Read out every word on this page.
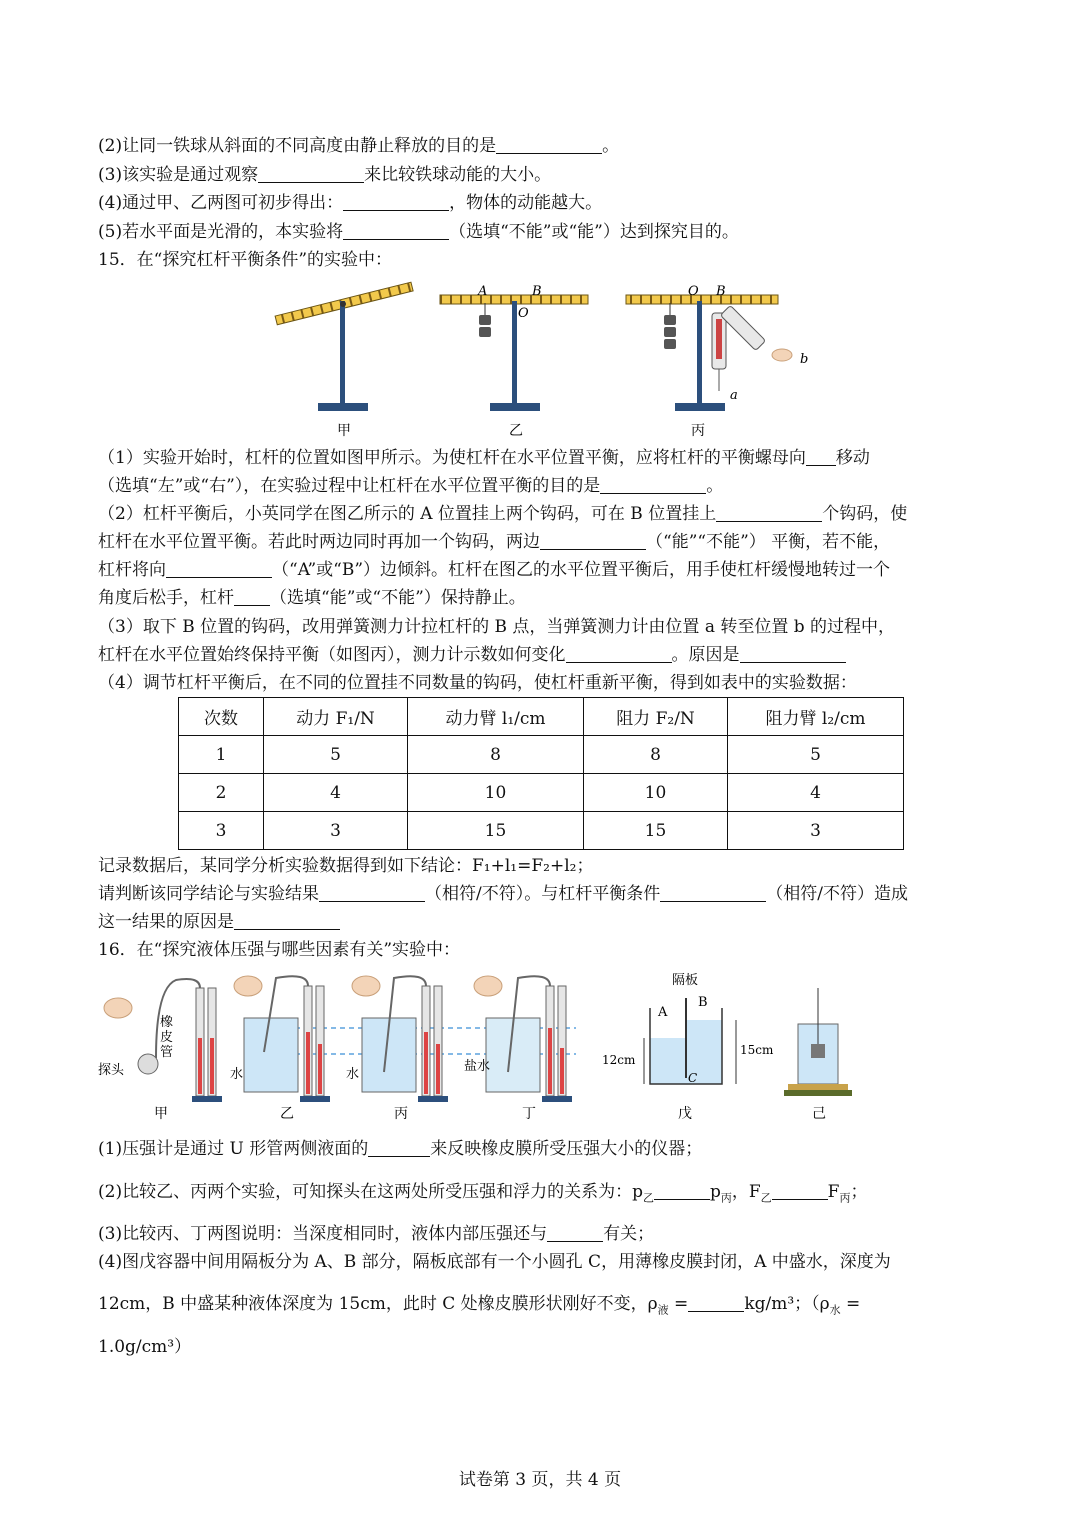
(2)让同一铁球从斜面的不同高度由静止释放的目的是	。
(3)该实验是通过观察	来比较铁球动能的大小。
(4)通过甲、乙两图可初步得出：	，物体的动能越大。
(5)若水平面是光滑的，本实验将	（选填“不能”或“能”）达到探究目的。
15．在“探究杠杆平衡条件”的实验中：
A	B
O
O B
a
b
甲	乙	丙
（1）实验开始时，杠杆的位置如图甲所示。为使杠杆在水平位置平衡，应将杠杆的平衡螺母向 移动
（选填“左”或“右”），在实验过程中让杠杆在水平位置平衡的目的是	。
（2）杠杆平衡后，小英同学在图乙所示的 A 位置挂上两个钩码，可在 B 位置挂上	个钩码，使
杠杆在水平位置平衡。若此时两边同时再加一个钩码，两边	（“能”“不能”） 平衡，若不能，
杠杆将向	（“A”或“B”）边倾斜。杠杆在图乙的水平位置平衡后，用手使杠杆缓慢地转过一个
角度后松手，杠杆 （选填“能”或“不能”）保持静止。
（3）取下 B 位置的钩码，改用弹簧测力计拉杠杆的 B 点，当弹簧测力计由位置 a 转至位置 b 的过程中，
杠杆在水平位置始终保持平衡（如图丙），测力计示数如何变化	。原因是
（4）调节杠杆平衡后，在不同的位置挂不同数量的钩码，使杠杆重新平衡，得到如表中的实验数据：
次数	动力 F₁/N	动力臂 l₁/cm	阻力 F₂/N	阻力臂 l₂/cm
1	5	8	8	5
2	4	10	10	4
3	3	15	15	3
记录数据后，某同学分析实验数据得到如下结论：F₁+l₁=F₂+l₂；
请判断该同学结论与实验结果	（相符/不符）。与杠杆平衡条件	（相符/不符）造成
这一结果的原因是
16．在“探究液体压强与哪些因素有关”实验中：
橡皮管
探头	水	水
盐水
隔板
A
B
C
12cm
15cm
甲	乙	丙	丁	戊	己
(1)压强计是通过 U 形管两侧液面的	来反映橡皮膜所受压强大小的仪器；
(2)比较乙、丙两个实验，可知探头在这两处所受压强和浮力的关系为：$p_乙$	$p_丙$，$F_乙$	$F_丙$；
(3)比较丙、丁两图说明：当深度相同时，液体内部压强还与	有关；
(4)图戊容器中间用隔板分为 A、B 部分，隔板底部有一个小圆孔 C，用薄橡皮膜封闭，A 中盛水，深度为
12cm，B 中盛某种液体深度为 15cm，此时 C 处橡皮膜形状刚好不变，$\rho_液$ =	kg/m³；（$\rho_水$ =
1.0g/cm³）
试卷第 3 页，共 4 页
